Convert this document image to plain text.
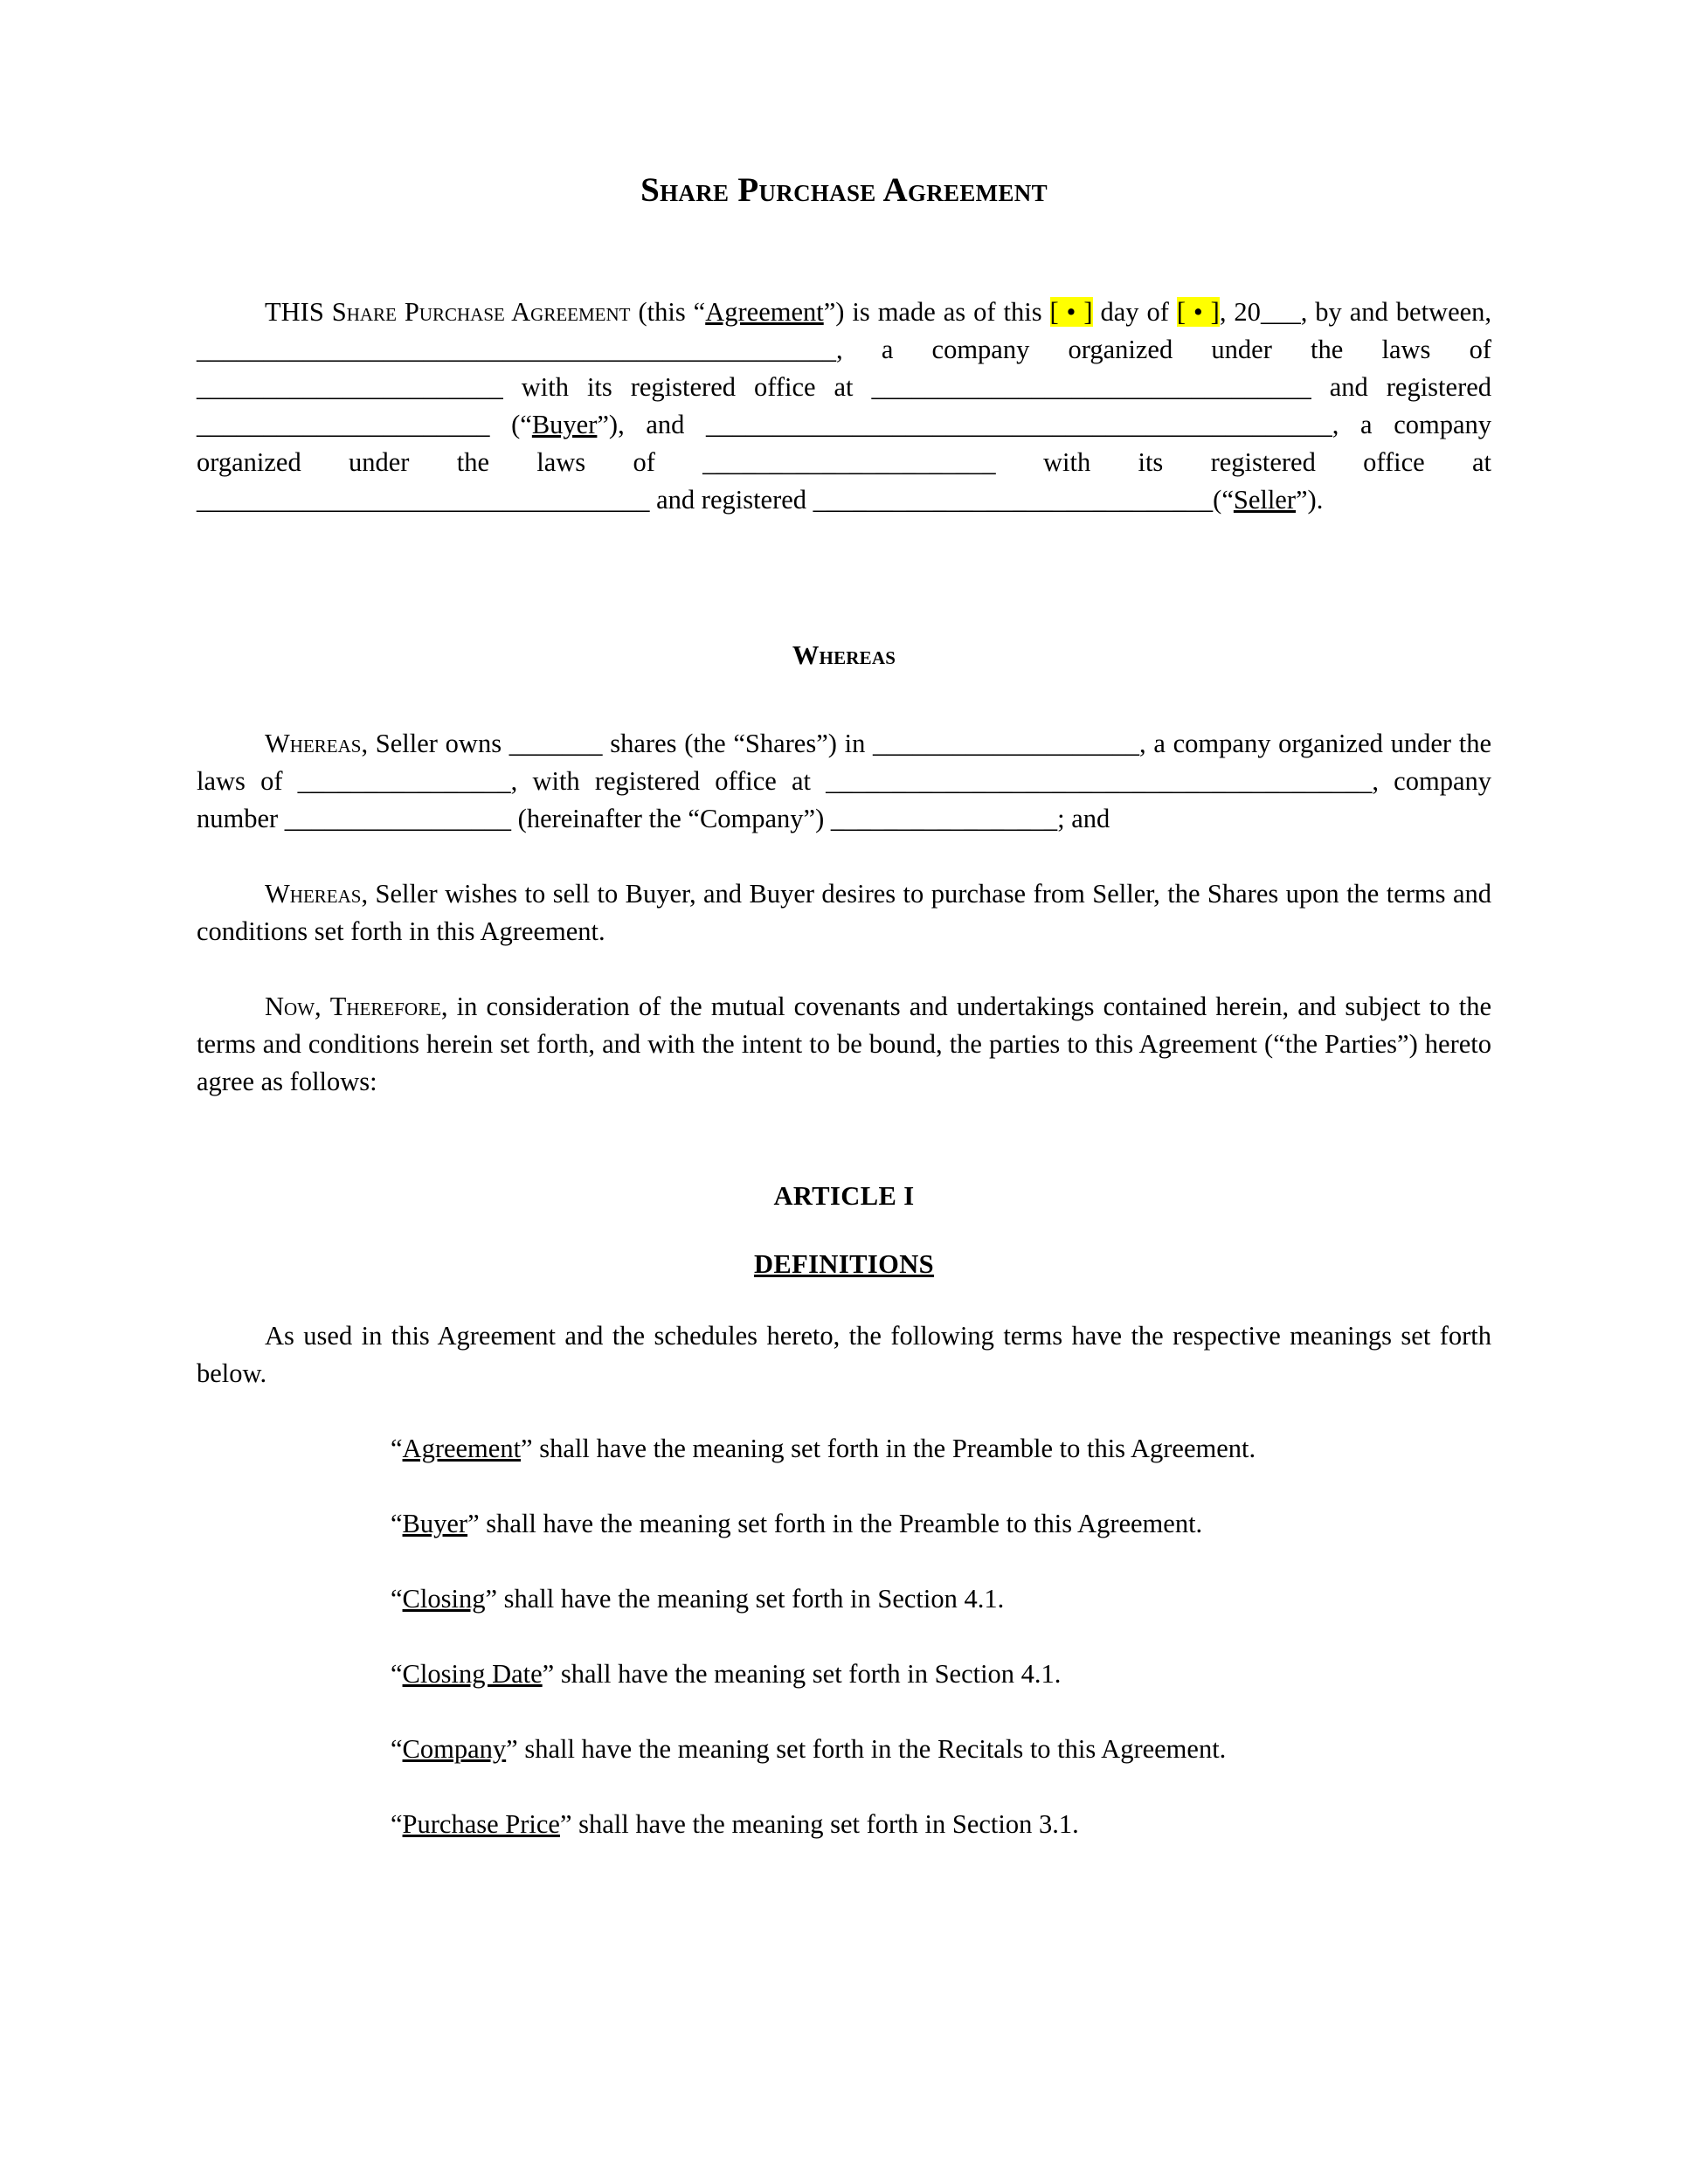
Share Purchase Agreement

THIS Share Purchase Agreement (this “Agreement”) is made as of this [ • ] day of [ • ], 20___, by and between, ________________________________________________, a company organized under the laws of _______________________ with its registered office at _________________________________ and registered ______________________ (“Buyer”), and _______________________________________________, a company organized under the laws of ______________________ with its registered office at __________________________________ and registered ______________________________(“Seller”).

Whereas

Whereas, Seller owns _______ shares (the “Shares”) in ____________________, a company organized under the laws of ________________, with registered office at _________________________________________, company number _________________ (hereinafter the “Company”) _________________; and

Whereas, Seller wishes to sell to Buyer, and Buyer desires to purchase from Seller, the Shares upon the terms and conditions set forth in this Agreement.

Now, Therefore, in consideration of the mutual covenants and undertakings contained herein, and subject to the terms and conditions herein set forth, and with the intent to be bound, the parties to this Agreement (“the Parties”) hereto agree as follows:

ARTICLE I
DEFINITIONS

As used in this Agreement and the schedules hereto, the following terms have the respective meanings set forth below.

“Agreement” shall have the meaning set forth in the Preamble to this Agreement.

“Buyer” shall have the meaning set forth in the Preamble to this Agreement.

“Closing” shall have the meaning set forth in Section 4.1.

“Closing Date” shall have the meaning set forth in Section 4.1.

“Company” shall have the meaning set forth in the Recitals to this Agreement.

“Purchase Price” shall have the meaning set forth in Section 3.1.
